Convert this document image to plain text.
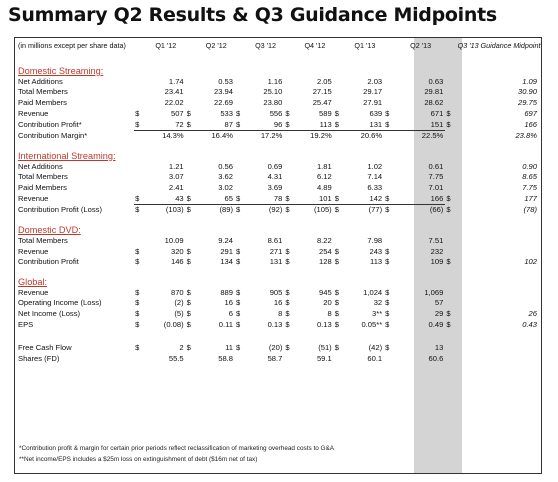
Summary Q2 Results & Q3 Guidance Midpoints
(in millions except per share data)		Q1 '12		Q2 '12		Q3 '12		Q4 '12		Q1 '13		Q2 '13		Q3 '13 Guidance Midpoint
Domestic Streaming:														
Net Additions		1.74		0.53		1.16		2.05		2.03		0.63		1.09
Total Members		23.41		23.94		25.10		27.15		29.17		29.81		30.90
Paid Members		22.02		22.69		23.80		25.47		27.91		28.62		29.75
Revenue	$	507	$	533	$	556	$	589	$	639	$	671	$	697
Contribution Profit*	$	72	$	87	$	96	$	113	$	131	$	151	$	166
Contribution Margin*		14.3%		16.4%		17.2%		19.2%		20.6%		22.5%		23.8%

International Streaming:														
Net Additions		1.21		0.56		0.69		1.81		1.02		0.61		0.90
Total Members		3.07		3.62		4.31		6.12		7.14		7.75		8.65
Paid Members		2.41		3.02		3.69		4.89		6.33		7.01		7.75
Revenue	$	43	$	65	$	78	$	101	$	142	$	166	$	177
Contribution Profit (Loss)	$	(103)	$	(89)	$	(92)	$	(105)	$	(77)	$	(66)	$	(78)

Domestic DVD:														
Total Members		10.09		9.24		8.61		8.22		7.98		7.51		
Revenue	$	320	$	291	$	271	$	254	$	243	$	232		
Contribution Profit	$	146	$	134	$	131	$	128	$	113	$	109	$	102

Global:														
Revenue	$	870	$	889	$	905	$	945	$	1,024	$	1,069		
Operating Income (Loss)	$	(2)	$	16	$	16	$	20	$	32	$	57		
Net Income (Loss)	$	(5)	$	6	$	8	$	8	$	3**	$	29	$	26
EPS	$	(0.08)	$	0.11	$	0.13	$	0.13	$	0.05**	$	0.49	$	0.43

Free Cash Flow	$	2	$	11	$	(20)	$	(51)	$	(42)	$	13		
Shares (FD)		55.5		58.8		58.7		59.1		60.1		60.6		
*Contribution profit & margin for certain prior periods reflect reclassification of marketing overhead costs to G&A
**Net income/EPS includes a $25m loss on extinguishment of debt ($16m net of tax)
